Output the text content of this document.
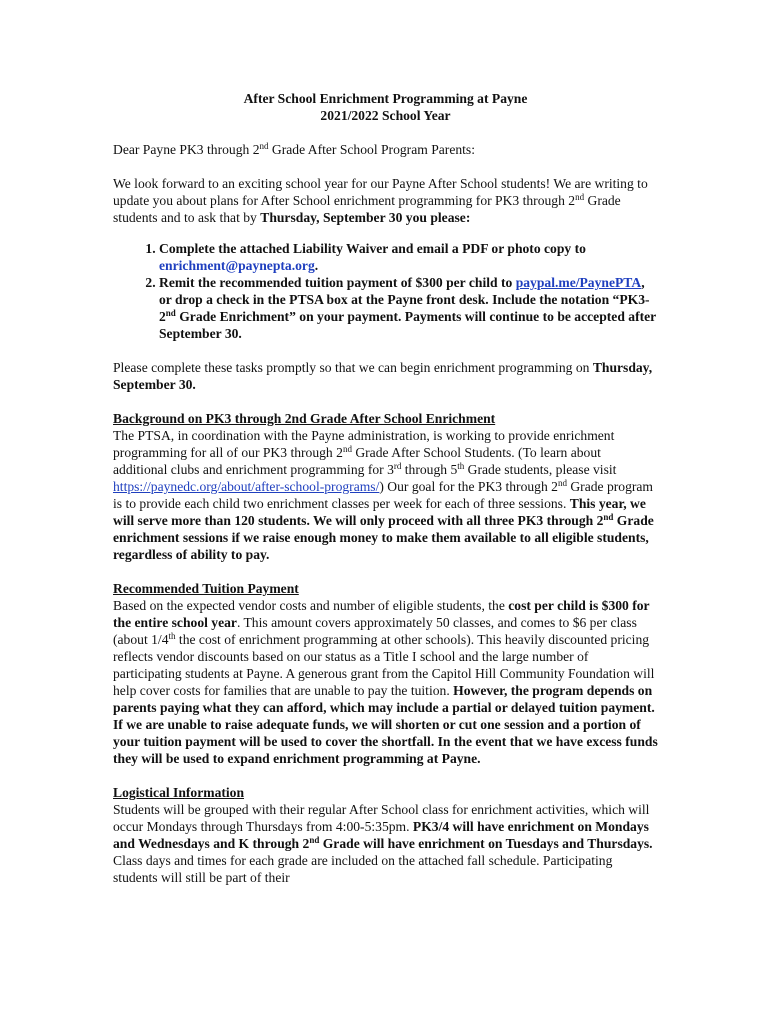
After School Enrichment Programming at Payne

2021/2022 School Year

Dear Payne PK3 through 2nd Grade After School Program Parents:

We look forward to an exciting school year for our Payne After School students! We are writing to update you about plans for After School enrichment programming for PK3 through 2nd Grade students and to ask that by Thursday, September 30 you please:

1. Complete the attached Liability Waiver and email a PDF or photo copy to enrichment@paynepta.org.
2. Remit the recommended tuition payment of $300 per child to paypal.me/PaynePTA, or drop a check in the PTSA box at the Payne front desk. Include the notation “PK3-2nd Grade Enrichment” on your payment. Payments will continue to be accepted after September 30.

Please complete these tasks promptly so that we can begin enrichment programming on Thursday, September 30.

Background on PK3 through 2nd Grade After School Enrichment
The PTSA, in coordination with the Payne administration, is working to provide enrichment programming for all of our PK3 through 2nd Grade After School Students. (To learn about additional clubs and enrichment programming for 3rd through 5th Grade students, please visit https://paynedc.org/about/after-school-programs/) Our goal for the PK3 through 2nd Grade program is to provide each child two enrichment classes per week for each of three sessions. This year, we will serve more than 120 students. We will only proceed with all three PK3 through 2nd Grade enrichment sessions if we raise enough money to make them available to all eligible students, regardless of ability to pay.

Recommended Tuition Payment
Based on the expected vendor costs and number of eligible students, the cost per child is $300 for the entire school year. This amount covers approximately 50 classes, and comes to $6 per class (about 1/4th the cost of enrichment programming at other schools). This heavily discounted pricing reflects vendor discounts based on our status as a Title I school and the large number of participating students at Payne. A generous grant from the Capitol Hill Community Foundation will help cover costs for families that are unable to pay the tuition. However, the program depends on parents paying what they can afford, which may include a partial or delayed tuition payment. If we are unable to raise adequate funds, we will shorten or cut one session and a portion of your tuition payment will be used to cover the shortfall. In the event that we have excess funds they will be used to expand enrichment programming at Payne.

Logistical Information
Students will be grouped with their regular After School class for enrichment activities, which will occur Mondays through Thursdays from 4:00-5:35pm. PK3/4 will have enrichment on Mondays and Wednesdays and K through 2nd Grade will have enrichment on Tuesdays and Thursdays. Class days and times for each grade are included on the attached fall schedule. Participating students will still be part of their
